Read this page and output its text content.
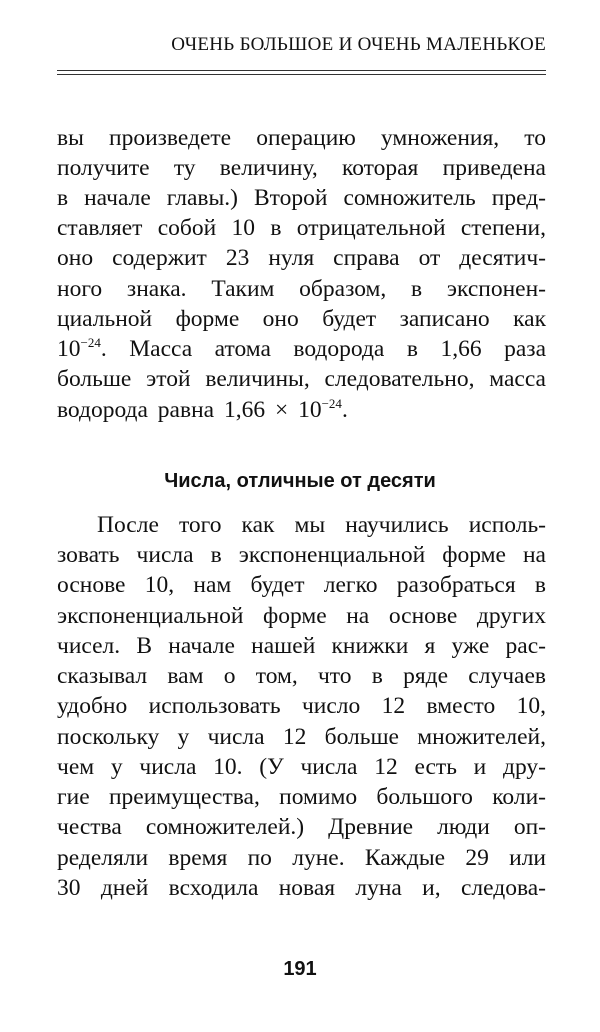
ОЧЕНЬ БОЛЬШОЕ И ОЧЕНЬ МАЛЕНЬКОЕ
вы произведете операцию умножения, то
получите ту величину, которая приведена
в начале главы.) Второй сомножитель пред-
ставляет собой 10 в отрицательной степени,
оно содержит 23 нуля справа от десятич-
ного знака. Таким образом, в экспонен-
циальной форме оно будет записано как
$10^{-24}$. Масса атома водорода в 1,66 раза
больше этой величины, следовательно, масса
водорода равна $1,66 \times 10^{-24}$.
Числа, отличные от десяти
После того как мы научились исполь-
зовать числа в экспоненциальной форме на
основе 10, нам будет легко разобраться в
экспоненциальной форме на основе других
чисел. В начале нашей книжки я уже рас-
сказывал вам о том, что в ряде случаев
удобно использовать число 12 вместо 10,
поскольку у числа 12 больше множителей,
чем у числа 10. (У числа 12 есть и дру-
гие преимущества, помимо большого коли-
чества сомножителей.) Древние люди оп-
ределяли время по луне. Каждые 29 или
30 дней всходила новая луна и, следова-
191
